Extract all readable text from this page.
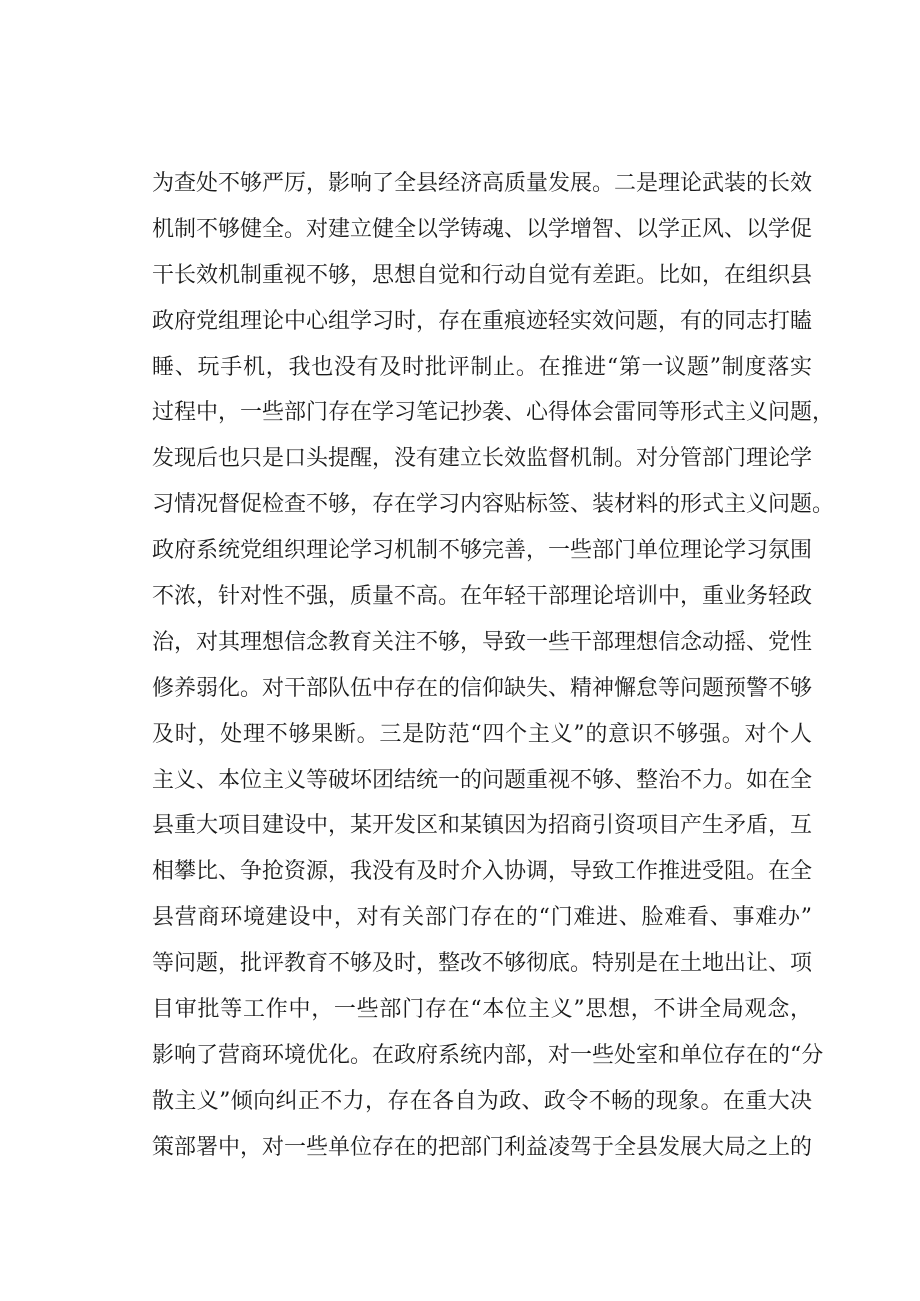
为查处不够严厉，影响了全县经济高质量发展。二是理论武装的长效
机制不够健全。对建立健全以学铸魂、以学增智、以学正风、以学促
干长效机制重视不够，思想自觉和行动自觉有差距。比如，在组织县
政府党组理论中心组学习时，存在重痕迹轻实效问题，有的同志打瞌
睡、玩手机，我也没有及时批评制止。在推进“第一议题”制度落实
过程中，一些部门存在学习笔记抄袭、心得体会雷同等形式主义问题，
发现后也只是口头提醒，没有建立长效监督机制。对分管部门理论学
习情况督促检查不够，存在学习内容贴标签、装材料的形式主义问题。
政府系统党组织理论学习机制不够完善，一些部门单位理论学习氛围
不浓，针对性不强，质量不高。在年轻干部理论培训中，重业务轻政
治，对其理想信念教育关注不够，导致一些干部理想信念动摇、党性
修养弱化。对干部队伍中存在的信仰缺失、精神懈怠等问题预警不够
及时，处理不够果断。三是防范“四个主义”的意识不够强。对个人
主义、本位主义等破坏团结统一的问题重视不够、整治不力。如在全
县重大项目建设中，某开发区和某镇因为招商引资项目产生矛盾，互
相攀比、争抢资源，我没有及时介入协调，导致工作推进受阻。在全
县营商环境建设中，对有关部门存在的“门难进、脸难看、事难办”
等问题，批评教育不够及时，整改不够彻底。特别是在土地出让、项
目审批等工作中，一些部门存在“本位主义”思想，不讲全局观念，
影响了营商环境优化。在政府系统内部，对一些处室和单位存在的“分
散主义”倾向纠正不力，存在各自为政、政令不畅的现象。在重大决
策部署中，对一些单位存在的把部门利益凌驾于全县发展大局之上的
